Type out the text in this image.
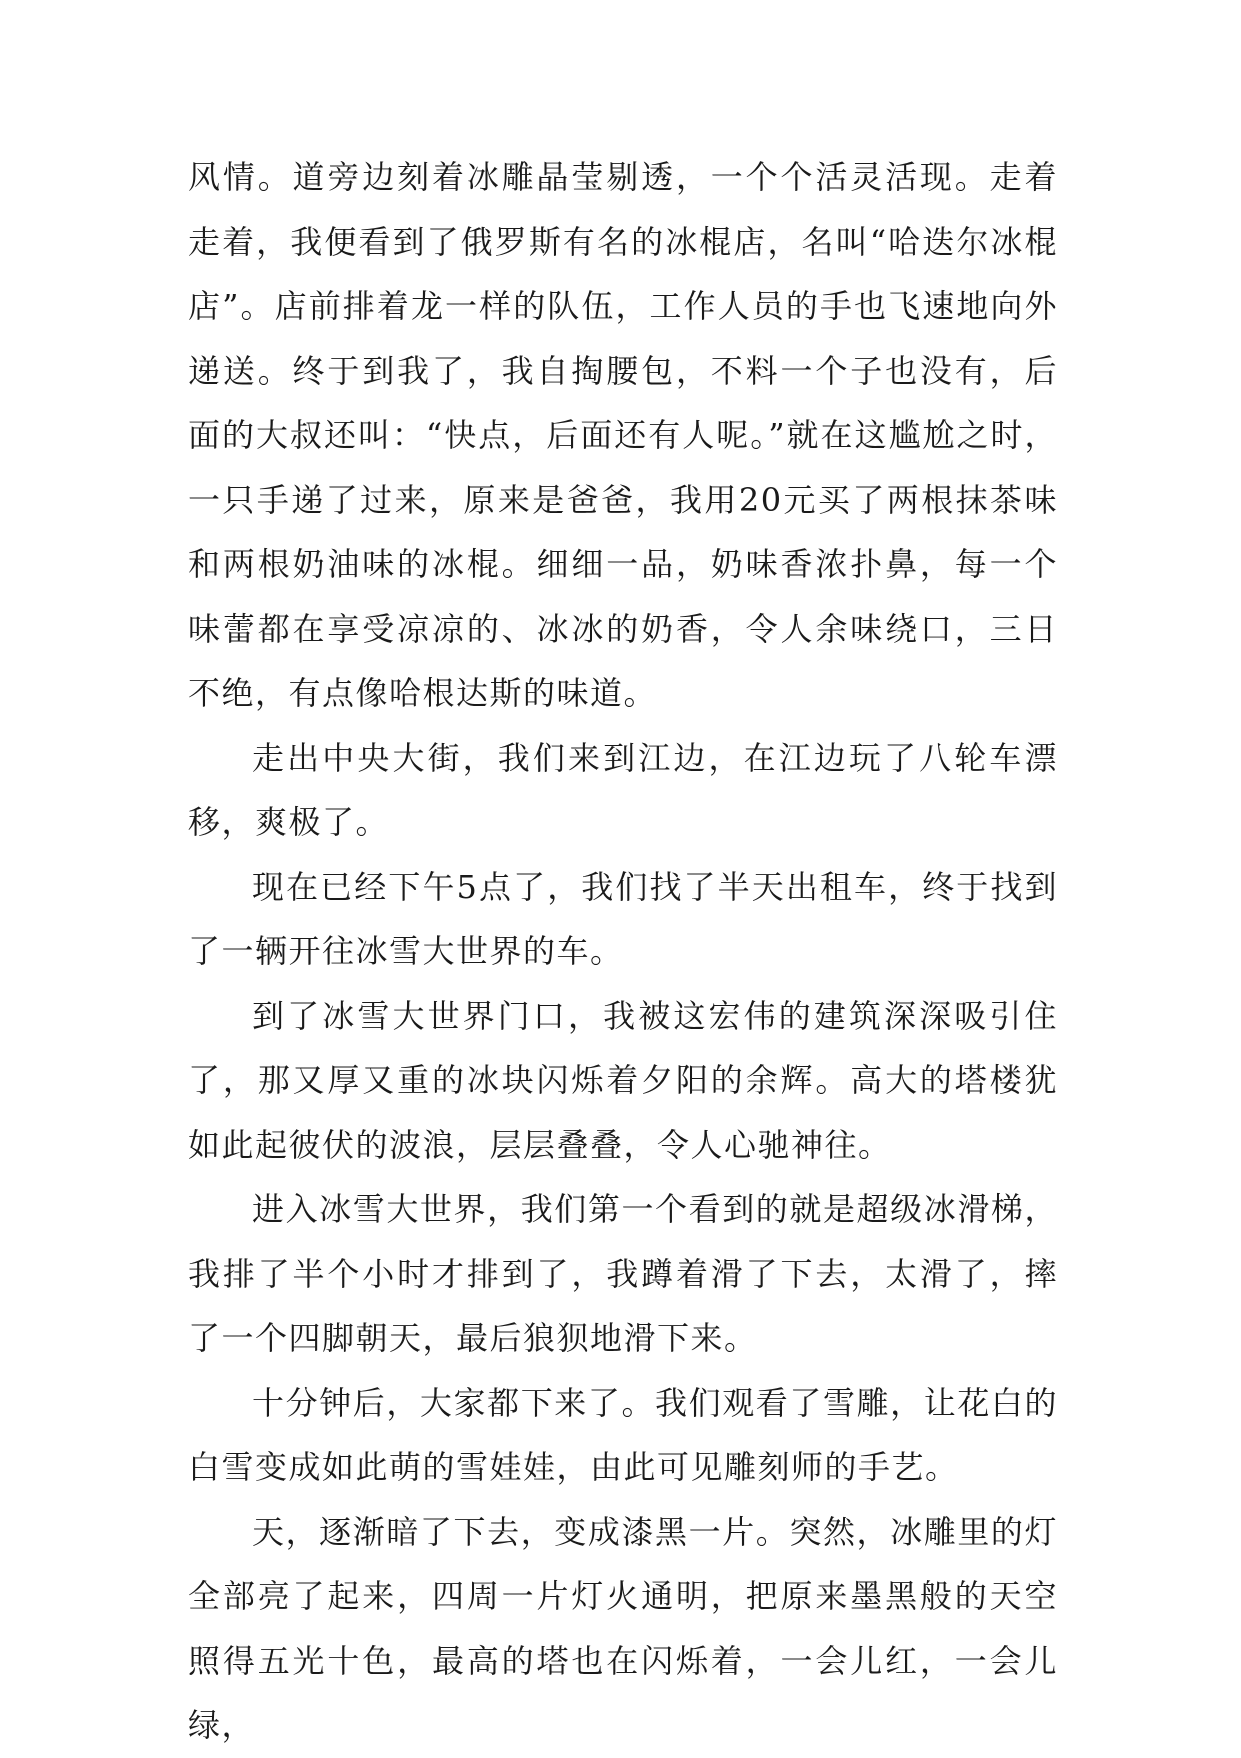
风情。道旁边刻着冰雕晶莹剔透，一个个活灵活现。走着走着，我便看到了俄罗斯有名的冰棍店，名叫“哈迭尔冰棍店”。店前排着龙一样的队伍，工作人员的手也飞速地向外递送。终于到我了，我自掏腰包，不料一个子也没有，后面的大叔还叫：“快点，后面还有人呢。”就在这尴尬之时，一只手递了过来，原来是爸爸，我用20元买了两根抹茶味和两根奶油味的冰棍。细细一品，奶味香浓扑鼻，每一个味蕾都在享受凉凉的、冰冰的奶香，令人余味绕口，三日不绝，有点像哈根达斯的味道。

走出中央大街，我们来到江边，在江边玩了八轮车漂移，爽极了。

现在已经下午5点了，我们找了半天出租车，终于找到了一辆开往冰雪大世界的车。

到了冰雪大世界门口，我被这宏伟的建筑深深吸引住了，那又厚又重的冰块闪烁着夕阳的余辉。高大的塔楼犹如此起彼伏的波浪，层层叠叠，令人心驰神往。

进入冰雪大世界，我们第一个看到的就是超级冰滑梯，我排了半个小时才排到了，我蹲着滑了下去，太滑了，摔了一个四脚朝天，最后狼狈地滑下来。

十分钟后，大家都下来了。我们观看了雪雕，让花白的白雪变成如此萌的雪娃娃，由此可见雕刻师的手艺。

天，逐渐暗了下去，变成漆黑一片。突然，冰雕里的灯全部亮了起来，四周一片灯火通明，把原来墨黑般的天空照得五光十色，最高的塔也在闪烁着，一会儿红，一会儿绿，
